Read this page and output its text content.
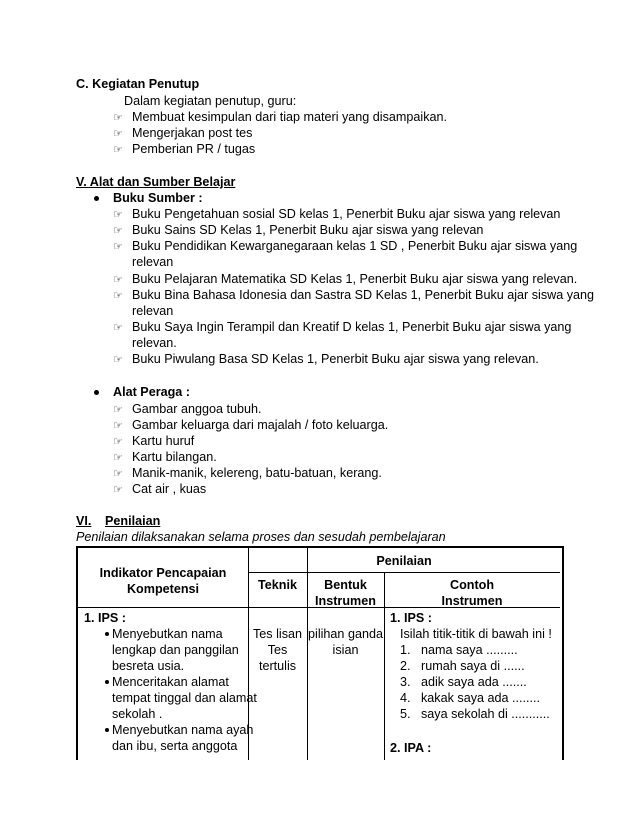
C. Kegiatan Penutup
Dalam kegiatan penutup, guru:
☞ Membuat kesimpulan dari tiap materi yang disampaikan.
☞ Mengerjakan post tes
☞ Pemberian PR / tugas
V. Alat dan Sumber Belajar
Buku Sumber :
☞ Buku Pengetahuan sosial SD kelas 1, Penerbit Buku ajar siswa yang relevan
☞ Buku Sains SD Kelas 1, Penerbit Buku ajar siswa yang relevan
☞ Buku Pendidikan Kewarganegaraan kelas 1 SD , Penerbit Buku ajar siswa yang
relevan
☞ Buku Pelajaran Matematika SD Kelas 1, Penerbit Buku ajar siswa yang relevan.
☞ Buku Bina Bahasa Idonesia dan Sastra SD Kelas 1, Penerbit Buku ajar siswa yang
relevan
☞ Buku Saya Ingin Terampil dan Kreatif D kelas 1, Penerbit Buku ajar siswa yang
relevan.
☞ Buku Piwulang Basa SD Kelas 1, Penerbit Buku ajar siswa yang relevan.
Alat Peraga :
☞ Gambar anggoa tubuh.
☞ Gambar keluarga dari majalah / foto keluarga.
☞ Kartu huruf
☞ Kartu bilangan.
☞ Manik-manik, kelereng, batu-batuan, kerang.
☞ Cat air , kuas
VI. Penilaian
Penilaian dilaksanakan selama proses dan sesudah pembelajaran
Indikator Pencapaian
Kompetensi
Penilaian
Teknik	Bentuk
Instrumen
Contoh
Instrumen
1. IPS :
Menyebutkan nama
lengkap dan panggilan
besreta usia.
Menceritakan alamat
tempat tinggal dan alamat
sekolah .
Menyebutkan nama ayah
dan ibu, serta anggota
Tes lisan
Tes
tertulis
pilihan ganda
isian
1. IPS :
Isilah titik-titik di bawah ini !
1. nama saya .........
2. rumah saya di ......
3. adik saya ada .......
4. kakak saya ada ........
5. saya sekolah di ...........
2. IPA :
